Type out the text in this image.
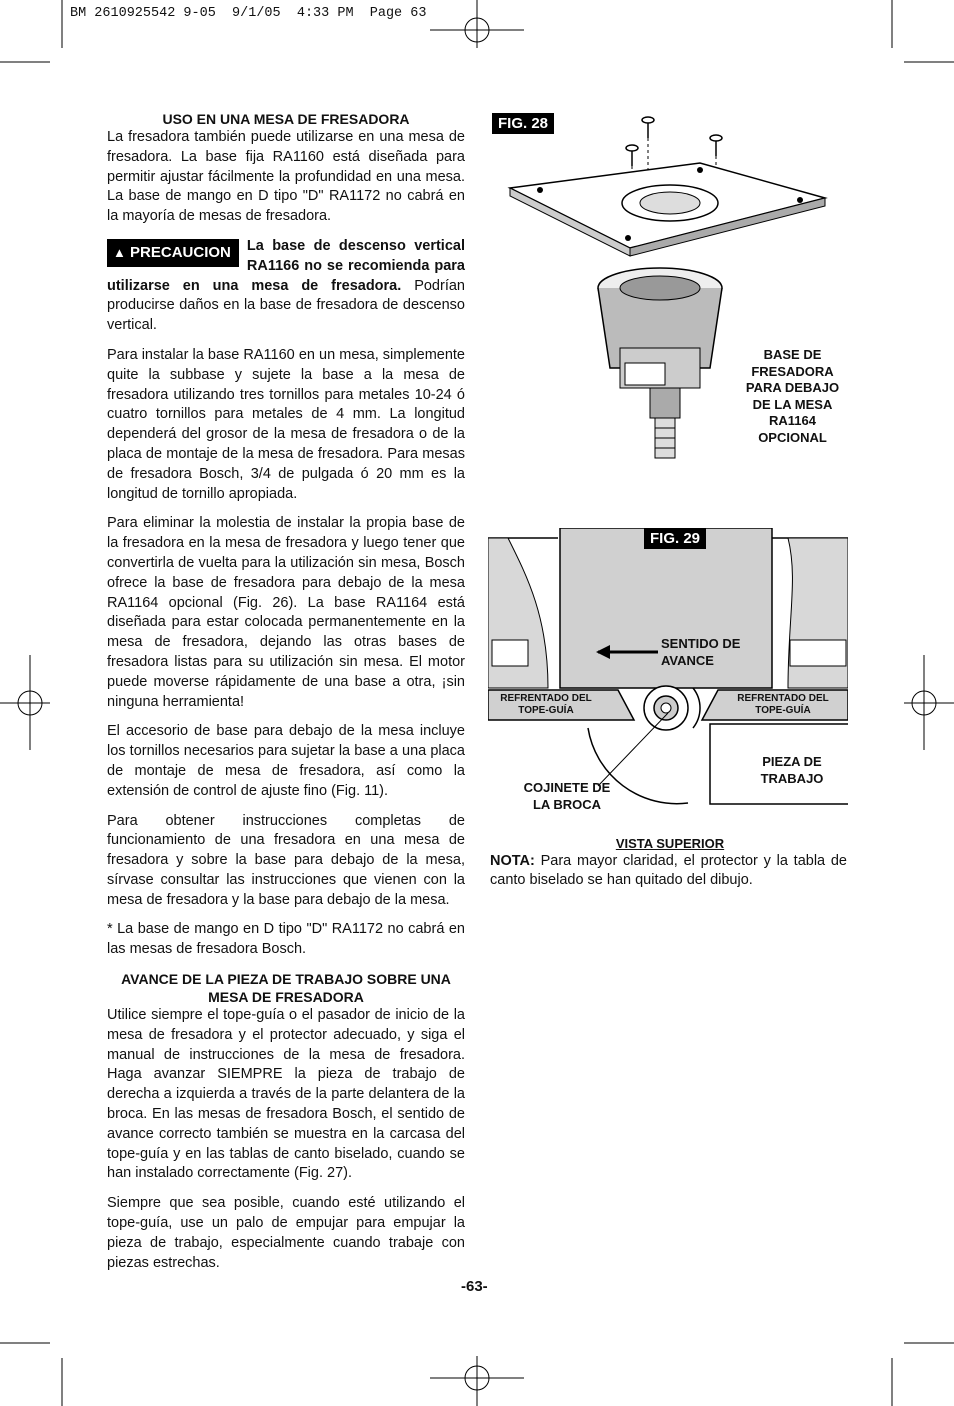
BM 2610925542 9-05  9/1/05  4:33 PM  Page 63
USO EN UNA MESA DE FRESADORA

La fresadora también puede utilizarse en una mesa de fresadora. La base fija RA1160 está diseñada para permitir ajustar fácilmente la profundidad en una mesa. La base de mango en D tipo "D" RA1172 no cabrá en la mayoría de mesas de fresadora.

▲ PRECAUCION	La base de descenso vertical RA1166 no se recomienda para utilizarse en una mesa de fresadora. Podrían producirse daños en la base de fresadora de descenso vertical.

Para instalar la base RA1160 en un mesa, simplemente quite la subbase y sujete la base a la mesa de fresadora utilizando tres tornillos para metales 10-24 ó cuatro tornillos para metales de 4 mm. La longitud dependerá del grosor de la mesa de fresadora o de la placa de montaje de la mesa de fresadora. Para mesas de fresadora Bosch, 3/4 de pulgada ó 20 mm es la longitud de tornillo apropiada.

Para eliminar la molestia de instalar la propia base de la fresadora en la mesa de fresadora y luego tener que convertirla de vuelta para la utilización sin mesa, Bosch ofrece la base de fresadora para debajo de la mesa RA1164 opcional (Fig. 26). La base RA1164 está diseñada para estar colocada permanentemente en la mesa de fresadora, dejando las otras bases de fresadora listas para su utilización sin mesa. El motor puede moverse rápidamente de una base a otra, ¡sin ninguna herramienta!

El accesorio de base para debajo de la mesa incluye los tornillos necesarios para sujetar la base a una placa de montaje de mesa de fresadora, así como la extensión de control de ajuste fino (Fig. 11).

Para obtener instrucciones completas de funcionamiento de una fresadora en una mesa de fresadora y sobre la base para debajo de la mesa, sírvase consultar las instrucciones que vienen con la mesa de fresadora y la base para debajo de la mesa.

* La base de mango en D tipo "D" RA1172 no cabrá en las mesas de fresadora Bosch.

AVANCE DE LA PIEZA DE TRABAJO SOBRE UNA MESA DE FRESADORA

Utilice siempre el tope-guía o el pasador de inicio de la mesa de fresadora y el protector adecuado, y siga el manual de instrucciones de la mesa de fresadora. Haga avanzar SIEMPRE la pieza de trabajo de derecha a izquierda a través de la parte delantera de la broca. En las mesas de fresadora Bosch, el sentido de avance correcto también se muestra en la carcasa del tope-guía y en las tablas de canto biselado, cuando se han instalado correctamente (Fig. 27).

Siempre que sea posible, cuando esté utilizando el tope-guía, use un palo de empujar para empujar la pieza de trabajo, especialmente cuando trabaje con piezas estrechas.

FIG. 28
BASE DE FRESADORA PARA DEBAJO DE LA MESA RA1164 OPCIONAL
FIG. 29
SENTIDO DE AVANCE
REFRENTADO DEL TOPE-GUÍA
REFRENTADO DEL TOPE-GUÍA
PIEZA DE TRABAJO
COJINETE DE LA BROCA
VISTA SUPERIOR
NOTA: Para mayor claridad, el protector y la tabla de canto biselado se han quitado del dibujo.
-63-
